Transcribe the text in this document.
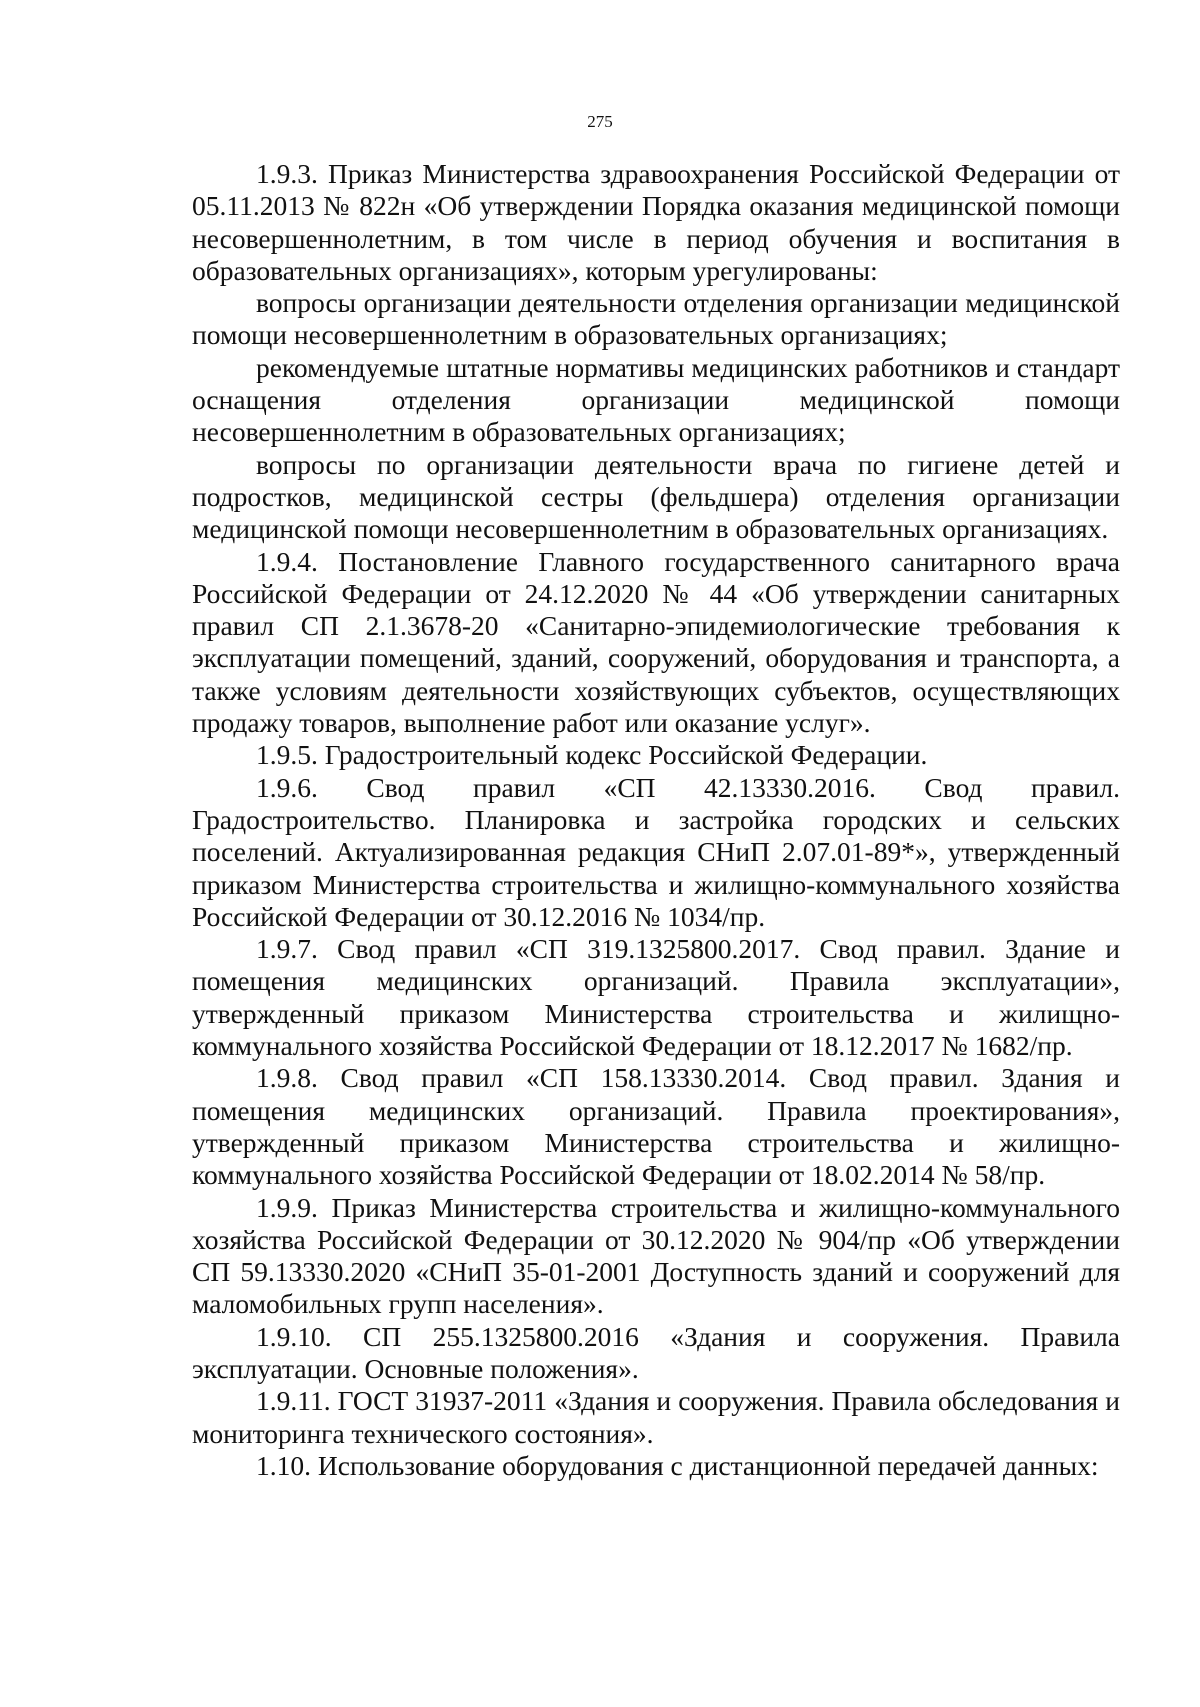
275

1.9.3. Приказ Министерства здравоохранения Российской Федерации от 05.11.2013 № 822н «Об утверждении Порядка оказания медицинской помощи несовершеннолетним, в том числе в период обучения и воспитания в образовательных организациях», которым урегулированы:

вопросы организации деятельности отделения организации медицинской помощи несовершеннолетним в образовательных организациях;

рекомендуемые штатные нормативы медицинских работников и стандарт оснащения отделения организации медицинской помощи несовершеннолетним в образовательных организациях;

вопросы по организации деятельности врача по гигиене детей и подростков, медицинской сестры (фельдшера) отделения организации медицинской помощи несовершеннолетним в образовательных организациях.

1.9.4. Постановление Главного государственного санитарного врача Российской Федерации от 24.12.2020 № 44 «Об утверждении санитарных правил СП 2.1.3678-20 «Санитарно-эпидемиологические требования к эксплуатации помещений, зданий, сооружений, оборудования и транспорта, а также условиям деятельности хозяйствующих субъектов, осуществляющих продажу товаров, выполнение работ или оказание услуг».

1.9.5. Градостроительный кодекс Российской Федерации.

1.9.6. Свод правил «СП 42.13330.2016. Свод правил. Градостроительство. Планировка и застройка городских и сельских поселений. Актуализированная редакция СНиП 2.07.01-89*», утвержденный приказом Министерства строительства и жилищно-коммунального хозяйства Российской Федерации от 30.12.2016 № 1034/пр.

1.9.7. Свод правил «СП 319.1325800.2017. Свод правил. Здание и помещения медицинских организаций. Правила эксплуатации», утвержденный приказом Министерства строительства и жилищно-коммунального хозяйства Российской Федерации от 18.12.2017 № 1682/пр.

1.9.8. Свод правил «СП 158.13330.2014. Свод правил. Здания и помещения медицинских организаций. Правила проектирования», утвержденный приказом Министерства строительства и жилищно-коммунального хозяйства Российской Федерации от 18.02.2014 № 58/пр.

1.9.9. Приказ Министерства строительства и жилищно-коммунального хозяйства Российской Федерации от 30.12.2020 № 904/пр «Об утверждении СП 59.13330.2020 «СНиП 35-01-2001 Доступность зданий и сооружений для маломобильных групп населения».

1.9.10. СП 255.1325800.2016 «Здания и сооружения. Правила эксплуатации. Основные положения».

1.9.11. ГОСТ 31937-2011 «Здания и сооружения. Правила обследования и мониторинга технического состояния».

1.10. Использование оборудования с дистанционной передачей данных:
